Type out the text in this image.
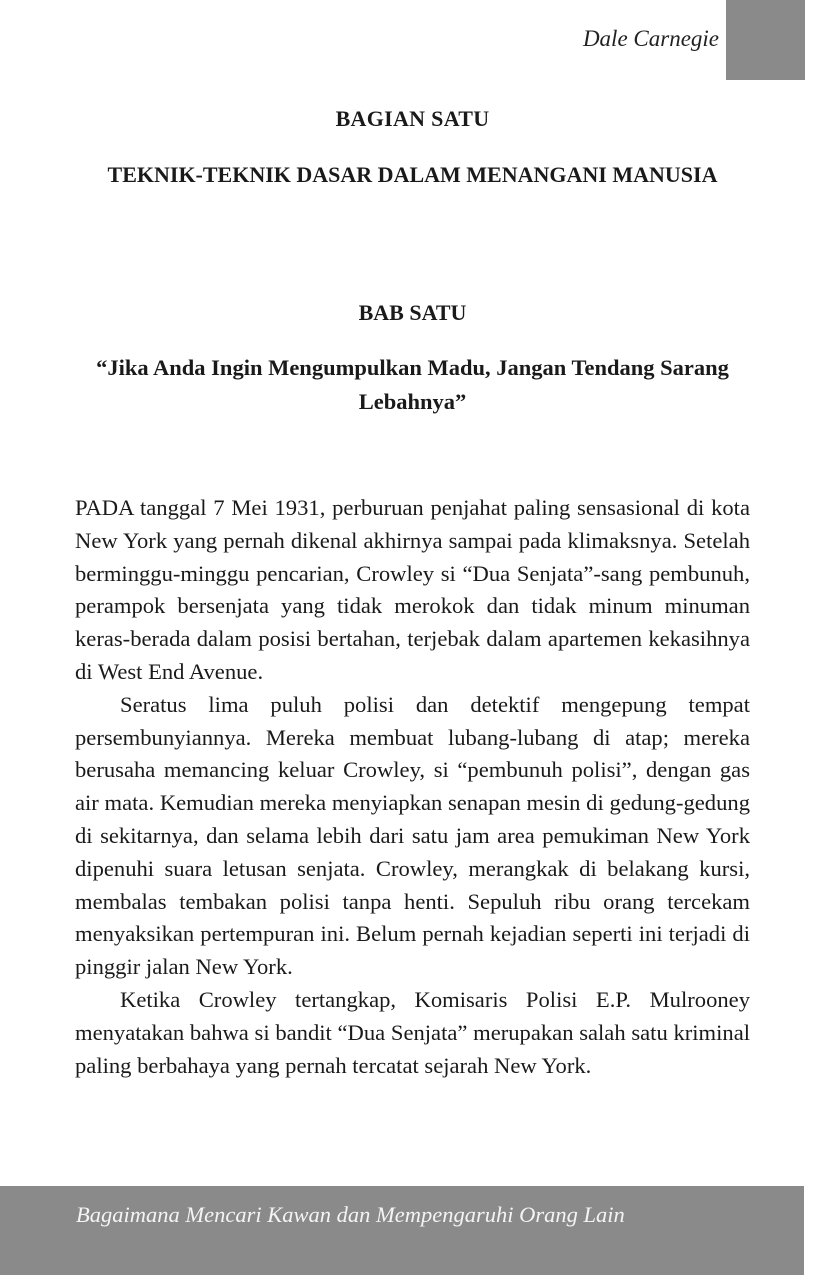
Dale Carnegie
BAGIAN SATU
TEKNIK-TEKNIK DASAR DALAM MENANGANI MANUSIA
BAB SATU
“Jika Anda Ingin Mengumpulkan Madu, Jangan Tendang Sarang Lebahnya”

PADA tanggal 7 Mei 1931, perburuan penjahat paling sensasional di kota New York yang pernah dikenal akhirnya sampai pada klimaksnya. Setelah berminggu-minggu pencarian, Crowley si “Dua Senjata”-sang pembunuh, perampok bersenjata yang tidak merokok dan tidak minum minuman keras-berada dalam posisi bertahan, terjebak dalam apartemen kekasihnya di West End Avenue.

Seratus lima puluh polisi dan detektif mengepung tempat persembunyiannya. Mereka membuat lubang-lubang di atap; mereka berusaha memancing keluar Crowley, si “pembunuh polisi”, dengan gas air mata. Kemudian mereka menyiapkan senapan mesin di gedung-gedung di sekitarnya, dan selama lebih dari satu jam area pemukiman New York dipenuhi suara letusan senjata. Crowley, merangkak di belakang kursi, membalas tembakan polisi tanpa henti. Sepuluh ribu orang tercekam menyaksikan pertempuran ini. Belum pernah kejadian seperti ini terjadi di pinggir jalan New York.

Ketika Crowley tertangkap, Komisaris Polisi E.P. Mulrooney menyatakan bahwa si bandit “Dua Senjata” merupakan salah satu kriminal paling berbahaya yang pernah tercatat sejarah New York.

Bagaimana Mencari Kawan dan Mempengaruhi Orang Lain
